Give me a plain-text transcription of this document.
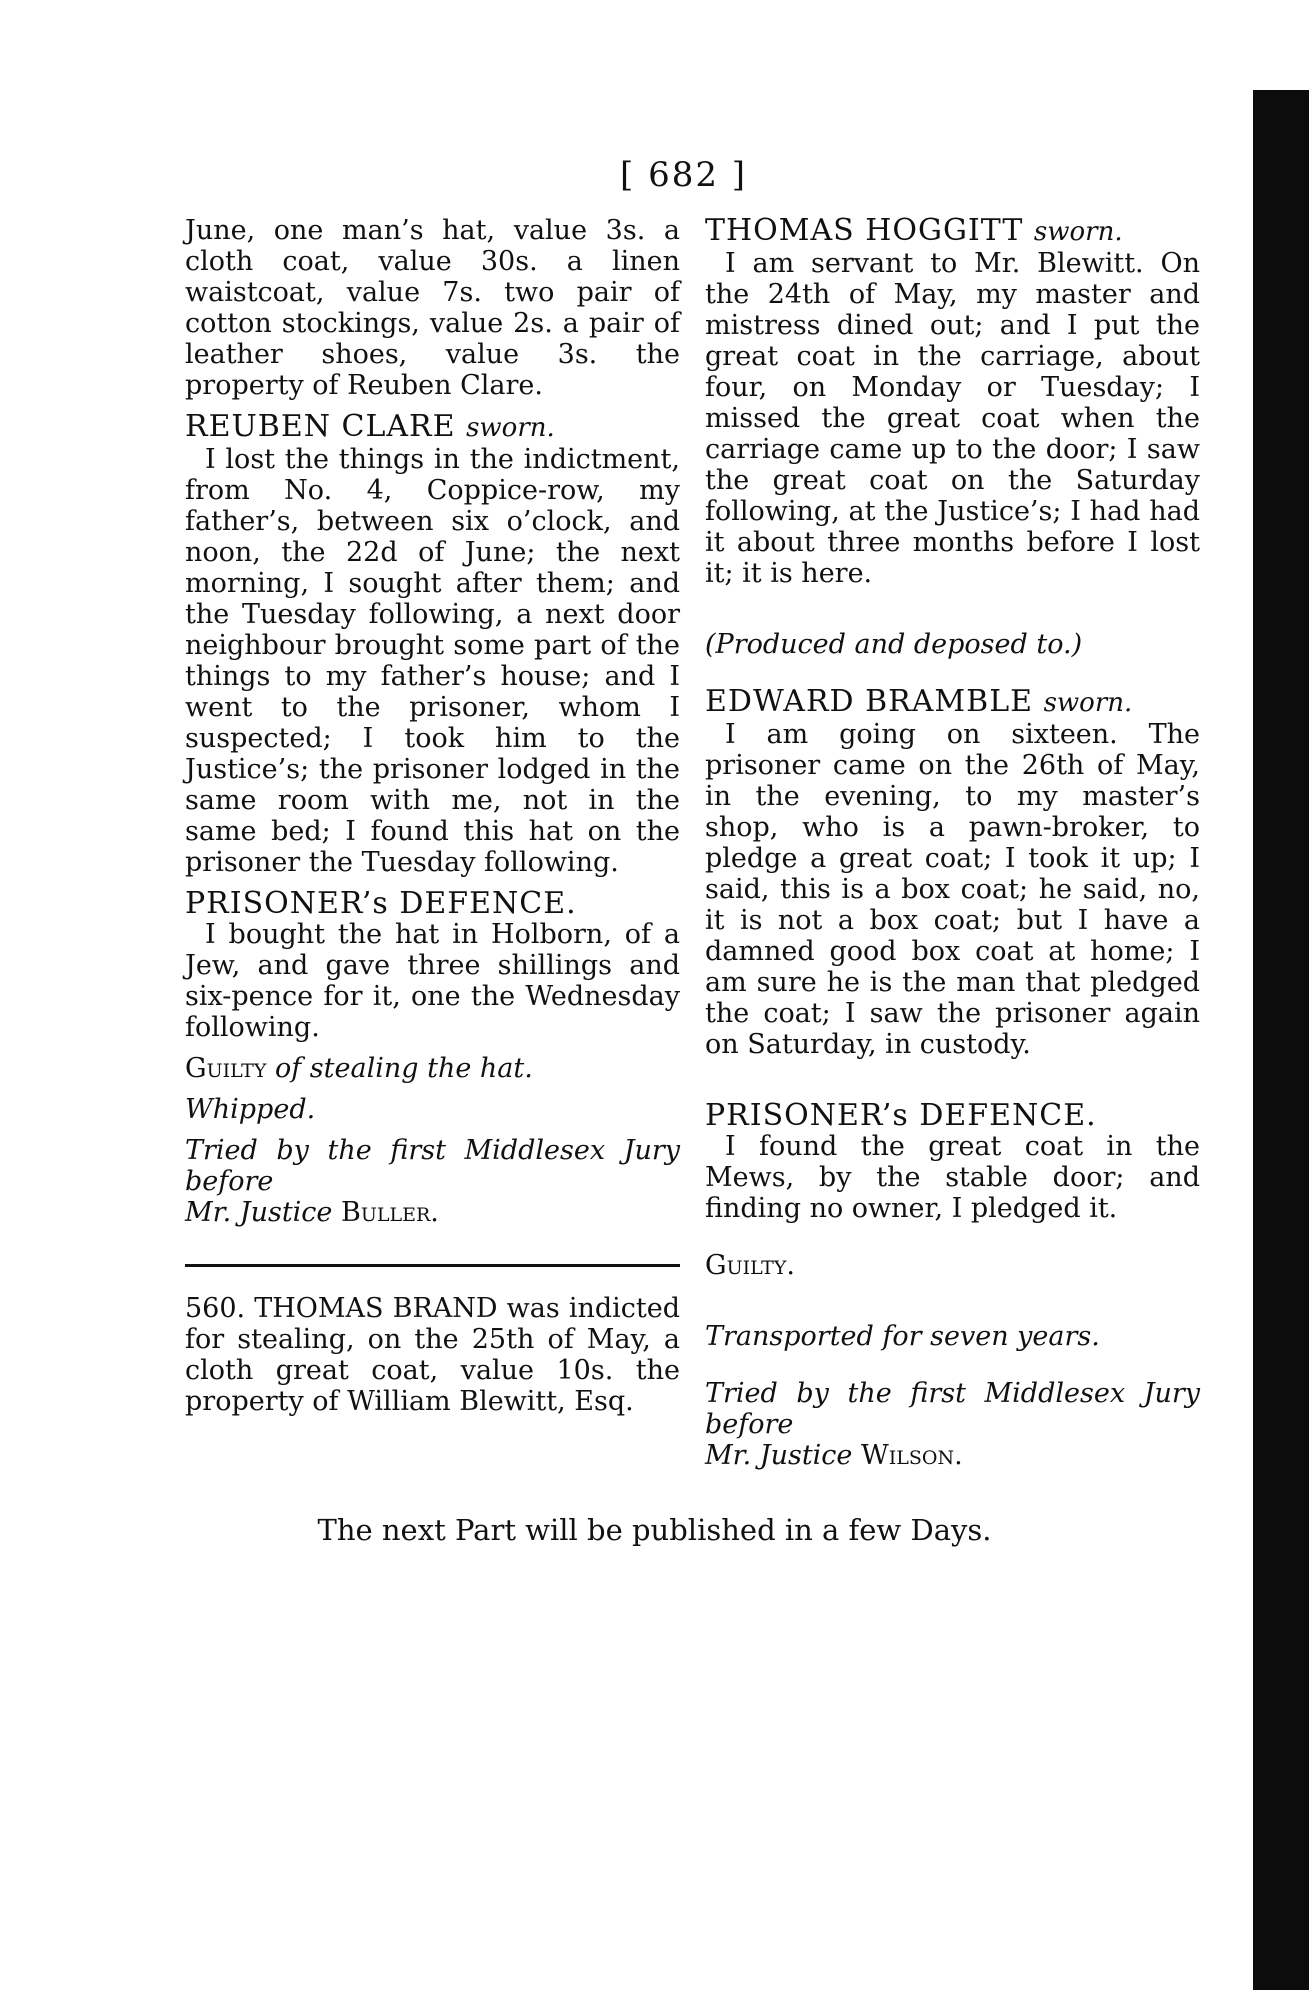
[ 682 ]

June, one man’s hat, value 3s. a cloth coat, value 30s. a linen waistcoat, value 7s. two pair of cotton stockings, value 2s. a pair of leather shoes, value 3s. the property of Reuben Clare.

REUBEN CLARE sworn.

I lost the things in the indictment, from No. 4, Coppice-row, my father’s, between six o’clock, and noon, the 22d of June; the next morning, I sought after them; and the Tuesday following, a next door neighbour brought some part of the things to my father’s house; and I went to the prisoner, whom I suspected; I took him to the Justice’s; the prisoner lodged in the same room with me, not in the same bed; I found this hat on the prisoner the Tuesday following.

PRISONER’s DEFENCE.

I bought the hat in Holborn, of a Jew, and gave three shillings and six-pence for it, one the Wednesday following.

Guilty of stealing the hat.

Whipped.

Tried by the first Middlesex Jury before

Mr. Justice Buller.

560. THOMAS BRAND was indicted for stealing, on the 25th of May, a cloth great coat, value 10s. the property of William Blewitt, Esq.

THOMAS HOGGITT sworn.

I am servant to Mr. Blewitt. On the 24th of May, my master and mistress dined out; and I put the great coat in the carriage, about four, on Monday or Tuesday; I missed the great coat when the carriage came up to the door; I saw the great coat on the Saturday following, at the Justice’s; I had had it about three months before I lost it; it is here.

(Produced and deposed to.)

EDWARD BRAMBLE sworn.

I am going on sixteen. The prisoner came on the 26th of May, in the evening, to my master’s shop, who is a pawn-broker, to pledge a great coat; I took it up; I said, this is a box coat; he said, no, it is not a box coat; but I have a damned good box coat at home; I am sure he is the man that pledged the coat; I saw the prisoner again on Saturday, in custody.

PRISONER’s DEFENCE.

I found the great coat in the Mews, by the stable door; and finding no owner, I pledged it.

Guilty.

Transported for seven years.

Tried by the first Middlesex Jury before

Mr. Justice Wilson.

The next Part will be published in a few Days.
